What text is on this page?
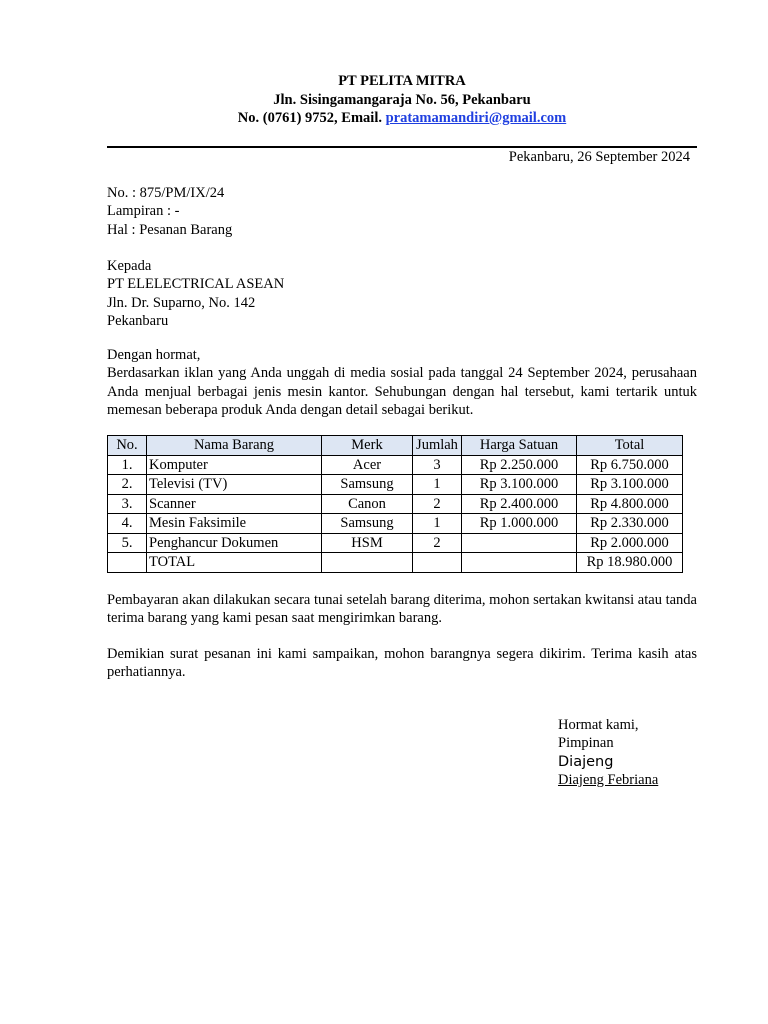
PT PELITA MITRA
Jln. Sisingamangaraja No. 56, Pekanbaru
No. (0761) 9752, Email. pratamamandiri@gmail.com
Pekanbaru, 26 September 2024
No. : 875/PM/IX/24
Lampiran : -
Hal : Pesanan Barang
Kepada
PT ELELECTRICAL ASEAN
Jln. Dr. Suparno, No. 142
Pekanbaru
Dengan hormat,
Berdasarkan iklan yang Anda unggah di media sosial pada tanggal 24 September 2024, perusahaan Anda menjual berbagai jenis mesin kantor. Sehubungan dengan hal tersebut, kami tertarik untuk memesan beberapa produk Anda dengan detail sebagai berikut.
No.	Nama Barang	Merk	Jumlah	Harga Satuan	Total
1.	Komputer	Acer	3	Rp 2.250.000	Rp 6.750.000
2.	Televisi (TV)	Samsung	1	Rp 3.100.000	Rp 3.100.000
3.	Scanner	Canon	2	Rp 2.400.000	Rp 4.800.000
4.	Mesin Faksimile	Samsung	1	Rp 1.000.000	Rp 2.330.000
5.	Penghancur Dokumen	HSM	2		Rp 2.000.000
	TOTAL				Rp 18.980.000
Pembayaran akan dilakukan secara tunai setelah barang diterima, mohon sertakan kwitansi atau tanda terima barang yang kami pesan saat mengirimkan barang.
Demikian surat pesanan ini kami sampaikan, mohon barangnya segera dikirim. Terima kasih atas perhatiannya.
Hormat kami,
Pimpinan
Diajeng
Diajeng Febriana
